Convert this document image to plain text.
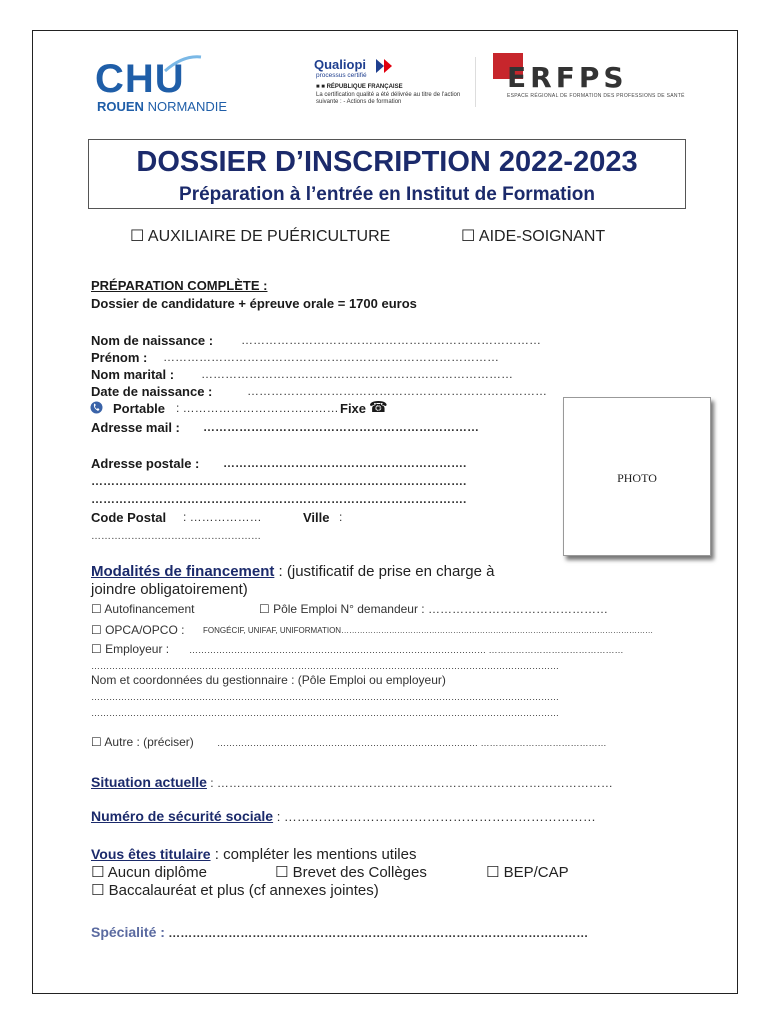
CHU
ROUEN NORMANDIE
Qualiopi
processus certifié
■ ■ RÉPUBLIQUE FRANÇAISE
La certification qualité a été délivrée au titre de l'action suivante : - Actions de formation
ERFPS
ESPACE RÉGIONAL DE FORMATION DES PROFESSIONS DE SANTÉ
DOSSIER D’INSCRIPTION 2022-2023
Préparation à l’entrée en Institut de Formation
☐ AUXILIAIRE DE PUÉRICULTURE	☐ AIDE-SOIGNANT
PRÉPARATION COMPLÈTE :
Dossier de candidature + épreuve orale = 1700 euros
Nom de naissance : …………………………………………………………………
Prénom : …………………………………………………………………………
Nom marital : ……………………………………………………………………
Date de naissance :	…………………………………………………………………
Portable : ………………………………… Fixe ☎
Adresse mail : ……………………………………………………………
Adresse postale : …………………………………………………….
………………………………………………………………………………….
………………………………………………………………………………….
Code Postal : ………………	Ville :
……………………………………………
PHOTO
Modalités de financement : (justificatif de prise en charge à
joindre obligatoirement)
☐ Autofinancement	☐ Pôle Emploi N° demandeur : ………………………………………
☐ OPCA/OPCO : FONGÉCIF, UNIFAF, UNIFORMATION………………………………………………………………………………………………………
☐ Employeur : ……………………………………………………………………………………… ………………………………………
…………………………………………………………………………………………………………………………………………
Nom et coordonnées du gestionnaire : (Pôle Emploi ou employeur)
…………………………………………………………………………………………………………………………………………
…………………………………………………………………………………………………………………………………………
☐ Autre : (préciser)	…………………………………………………………………………… ……………………………………
Situation actuelle : ………………………………………………………………………………………
Numéro de sécurité sociale : ………………………………………………………………
Vous êtes titulaire : compléter les mentions utiles
☐ Aucun diplôme	☐ Brevet des Collèges	☐ BEP/CAP
☐ Baccalauréat et plus (cf annexes jointes)
Spécialité : ……………………………………………………………………………………………
